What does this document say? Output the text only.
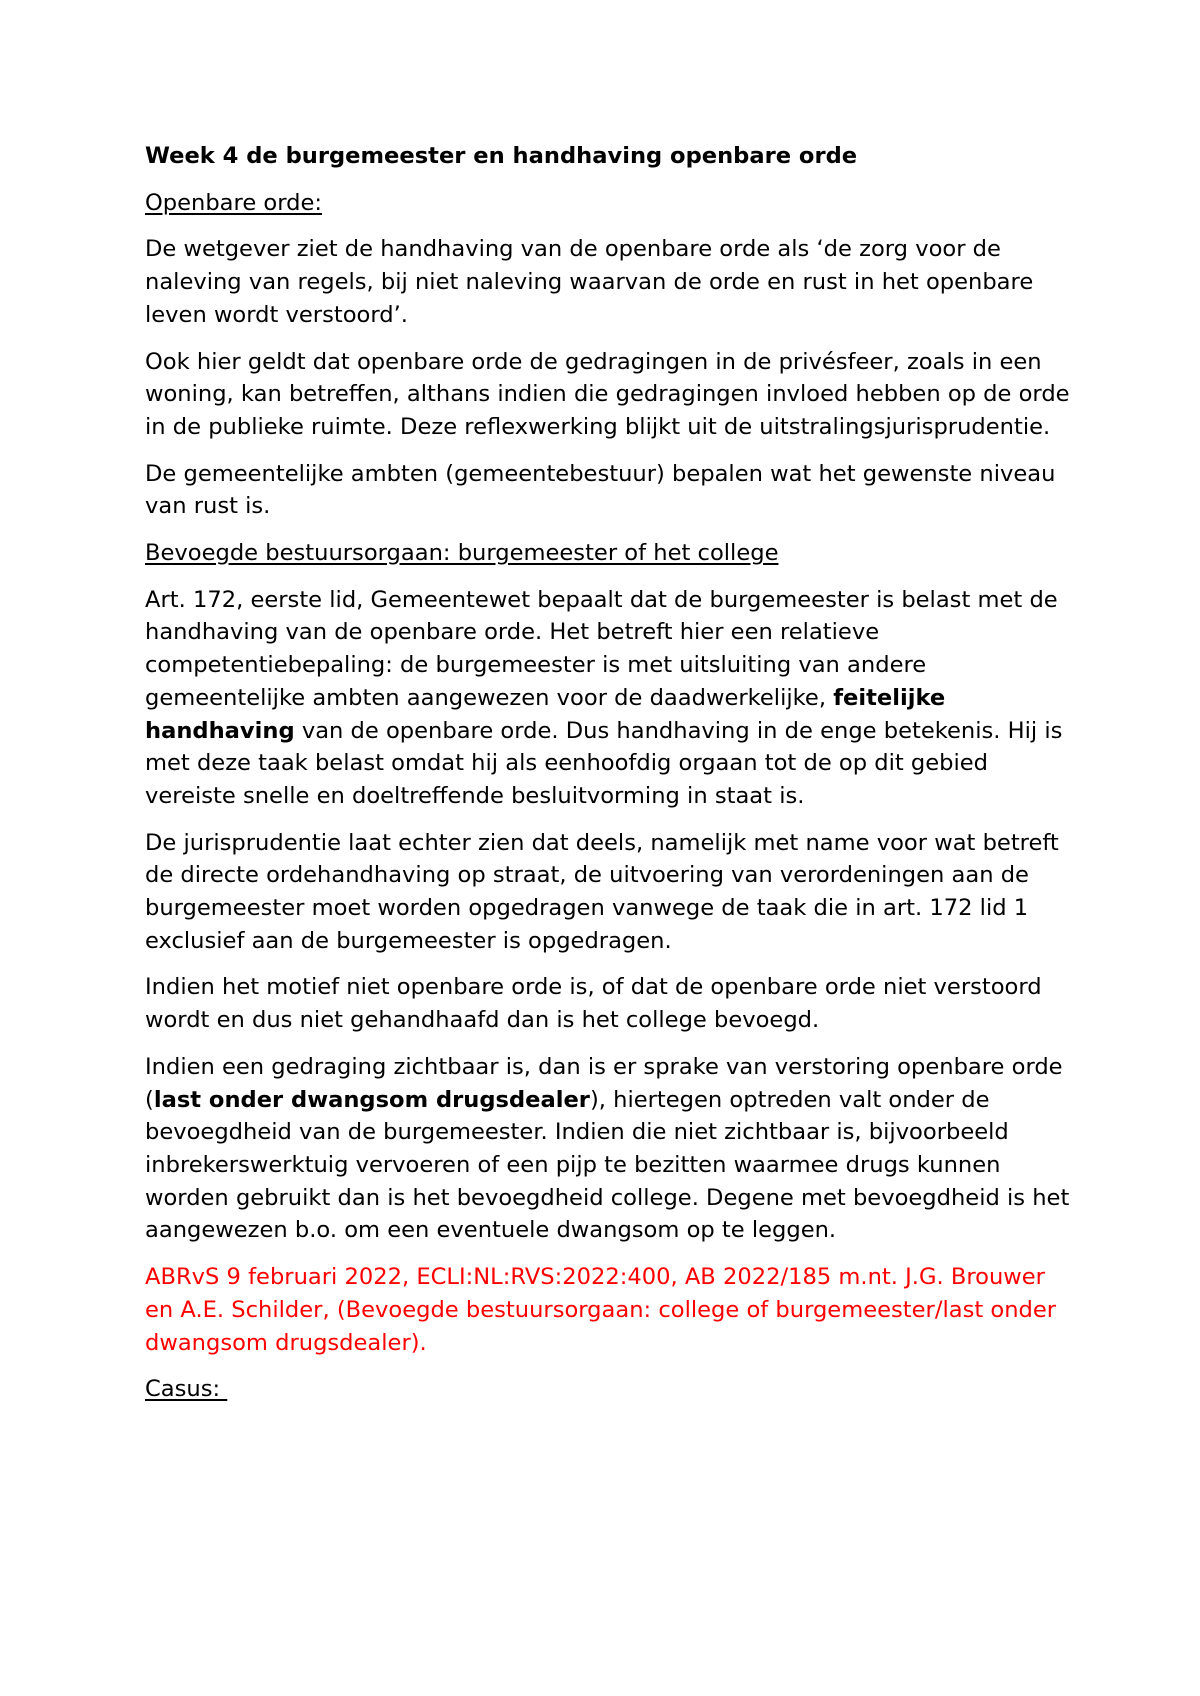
Week 4 de burgemeester en handhaving openbare orde

Openbare orde:

De wetgever ziet de handhaving van de openbare orde als ‘de zorg voor de naleving van regels, bij niet naleving waarvan de orde en rust in het openbare leven wordt verstoord’.

Ook hier geldt dat openbare orde de gedragingen in de privésfeer, zoals in een woning, kan betreffen, althans indien die gedragingen invloed hebben op de orde in de publieke ruimte. Deze reflexwerking blijkt uit de uitstralingsjurisprudentie.

De gemeentelijke ambten (gemeentebestuur) bepalen wat het gewenste niveau van rust is.

Bevoegde bestuursorgaan: burgemeester of het college

Art. 172, eerste lid, Gemeentewet bepaalt dat de burgemeester is belast met de handhaving van de openbare orde. Het betreft hier een relatieve competentiebepaling: de burgemeester is met uitsluiting van andere gemeentelijke ambten aangewezen voor de daadwerkelijke, feitelijke handhaving van de openbare orde. Dus handhaving in de enge betekenis. Hij is met deze taak belast omdat hij als eenhoofdig orgaan tot de op dit gebied vereiste snelle en doeltreffende besluitvorming in staat is.

De jurisprudentie laat echter zien dat deels, namelijk met name voor wat betreft de directe ordehandhaving op straat, de uitvoering van verordeningen aan de burgemeester moet worden opgedragen vanwege de taak die in art. 172 lid 1 exclusief aan de burgemeester is opgedragen.

Indien het motief niet openbare orde is, of dat de openbare orde niet verstoord wordt en dus niet gehandhaafd dan is het college bevoegd.

Indien een gedraging zichtbaar is, dan is er sprake van verstoring openbare orde (last onder dwangsom drugsdealer), hiertegen optreden valt onder de bevoegdheid van de burgemeester. Indien die niet zichtbaar is, bijvoorbeeld inbrekerswerktuig vervoeren of een pijp te bezitten waarmee drugs kunnen worden gebruikt dan is het bevoegdheid college. Degene met bevoegdheid is het aangewezen b.o. om een eventuele dwangsom op te leggen.

ABRvS 9 februari 2022, ECLI:NL:RVS:2022:400, AB 2022/185 m.nt. J.G. Brouwer en A.E. Schilder, (Bevoegde bestuursorgaan: college of burgemeester/last onder dwangsom drugsdealer).

Casus:
